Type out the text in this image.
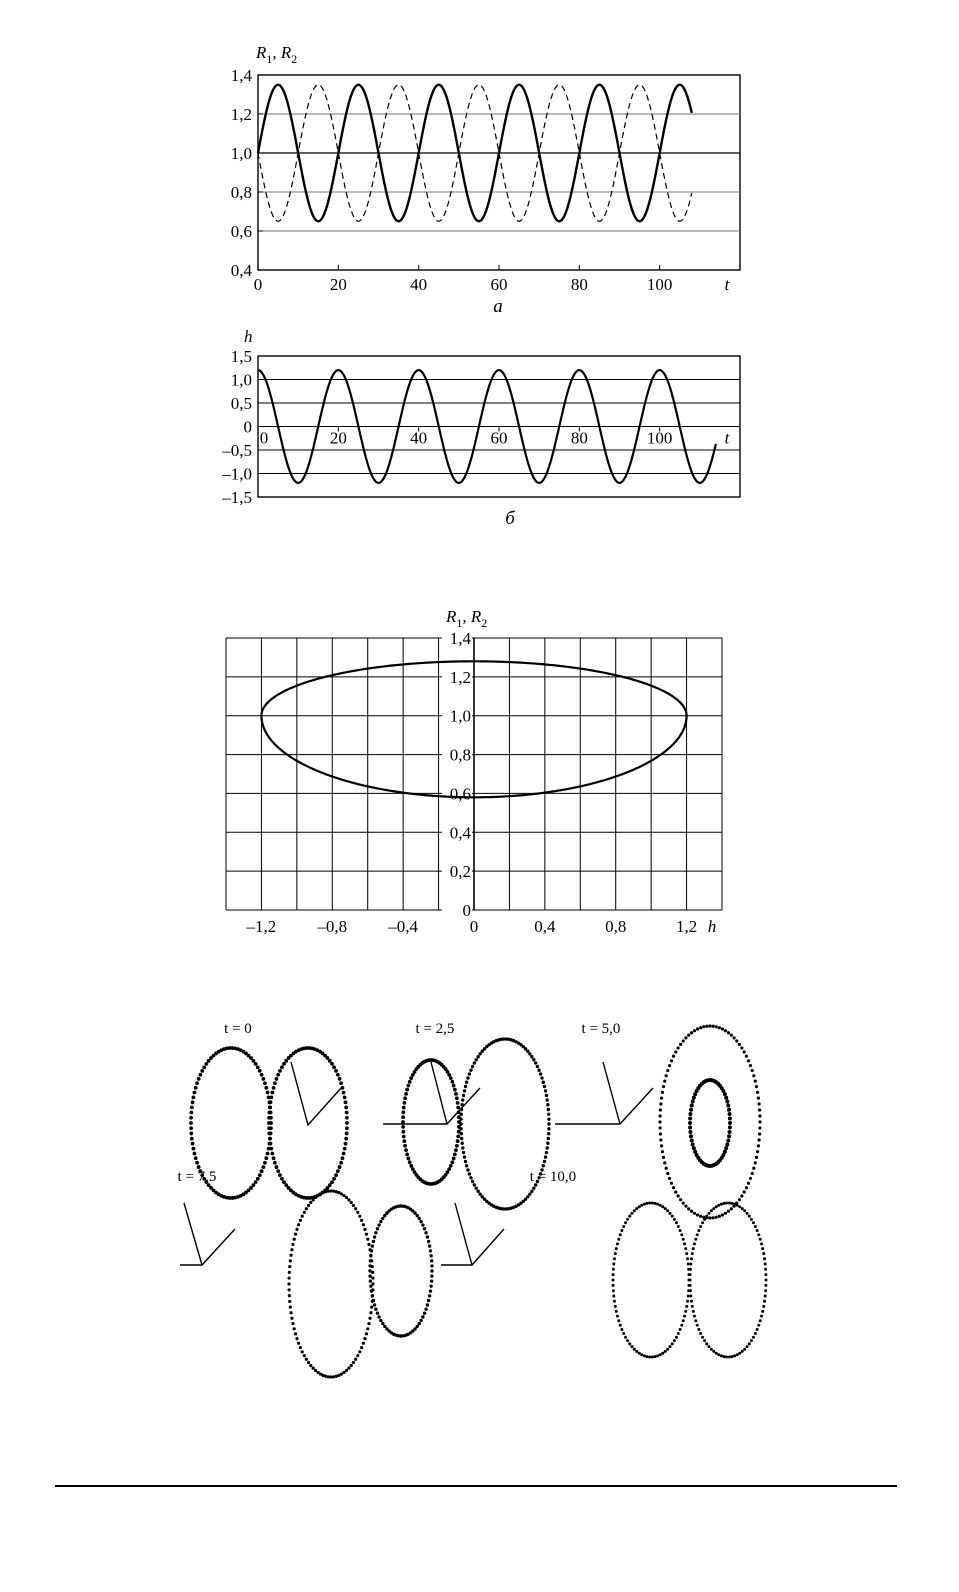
0,4
0,6
0,8
1,0
1,2
1,4
0	20	40	60	80	100	t
а
$R_1$, $R_2$
1,5
1,0
0,5
0
–0,5
–1,0
–1,5
0	20	40	60	80	100
h
t
б
0
0,2
0,4
0,6
0,8
1,0
1,2
1,4
–1,2 –0,8 –0,4	0	0,4	0,8	1,2 h
$R_1$, $R_2$
t = 0	t = 2,5	t = 5,0
t = 7,5	t = 10,0
